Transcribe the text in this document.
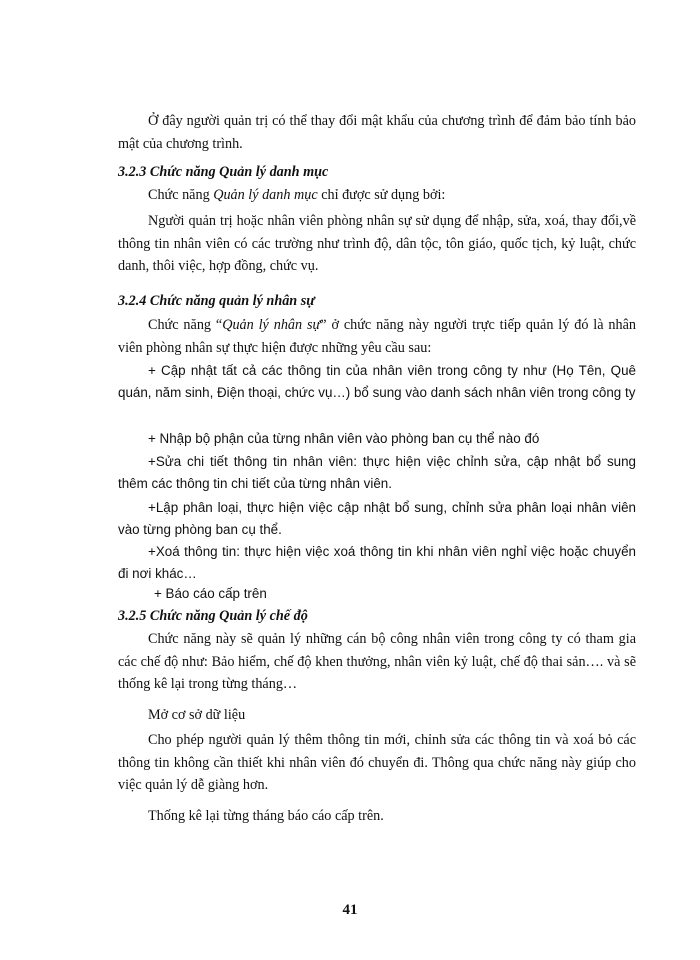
Ở đây người quản trị có thể thay đổi mật khẩu của chương trình để đảm bảo tính bảo mật của chương trình.
3.2.3 Chức năng Quản lý danh mục
Chức năng Quản lý danh mục chỉ được sử dụng bởi:
Người quản trị hoặc nhân viên phòng nhân sự sử dụng để nhập, sửa, xoá, thay đổi,về thông tin nhân viên có các trường như trình độ, dân tộc, tôn giáo, quốc tịch, kỷ luật, chức danh, thôi việc, hợp đồng, chức vụ.
3.2.4 Chức năng quản lý nhân sự
Chức năng “Quản lý nhân sự” ở chức năng này người trực tiếp quản lý đó là nhân viên phòng nhân sự thực hiện được những yêu cầu sau:
+ Cập nhật tất cả các thông tin của nhân viên trong công ty như (Họ Tên, Quê quán, năm sinh, Điện thoại, chức vụ…) bổ sung vào danh sách nhân viên trong công ty
+ Nhập bộ phận của từng nhân viên vào phòng ban cụ thể nào đó
+Sửa chi tiết thông tin nhân viên: thực hiện việc chỉnh sửa, cập nhật bổ sung thêm các thông tin chi tiết của từng nhân viên.
+Lập phân loại, thực hiện việc cập nhật bổ sung, chỉnh sửa phân loại nhân viên vào từng phòng ban cụ thể.
+Xoá thông tin: thực hiện việc xoá thông tin khi nhân viên nghỉ việc hoặc chuyển đi nơi khác…
+ Báo cáo cấp trên
3.2.5 Chức năng Quản lý chế độ
Chức năng này sẽ quản lý những cán bộ công nhân viên trong công ty có tham gia các chế độ như: Bảo hiểm, chế độ khen thưởng, nhân viên kỷ luật, chế độ thai sản…. và sẽ thống kê lại trong từng tháng…
Mở cơ sở dữ liệu
Cho phép người quản lý thêm thông tin mới, chỉnh sửa các thông tin và xoá bỏ các thông tin không cần thiết khi nhân viên đó chuyển đi. Thông qua chức năng này giúp cho việc quản lý dễ giàng hơn.
Thống kê lại từng tháng báo cáo cấp trên.
41
